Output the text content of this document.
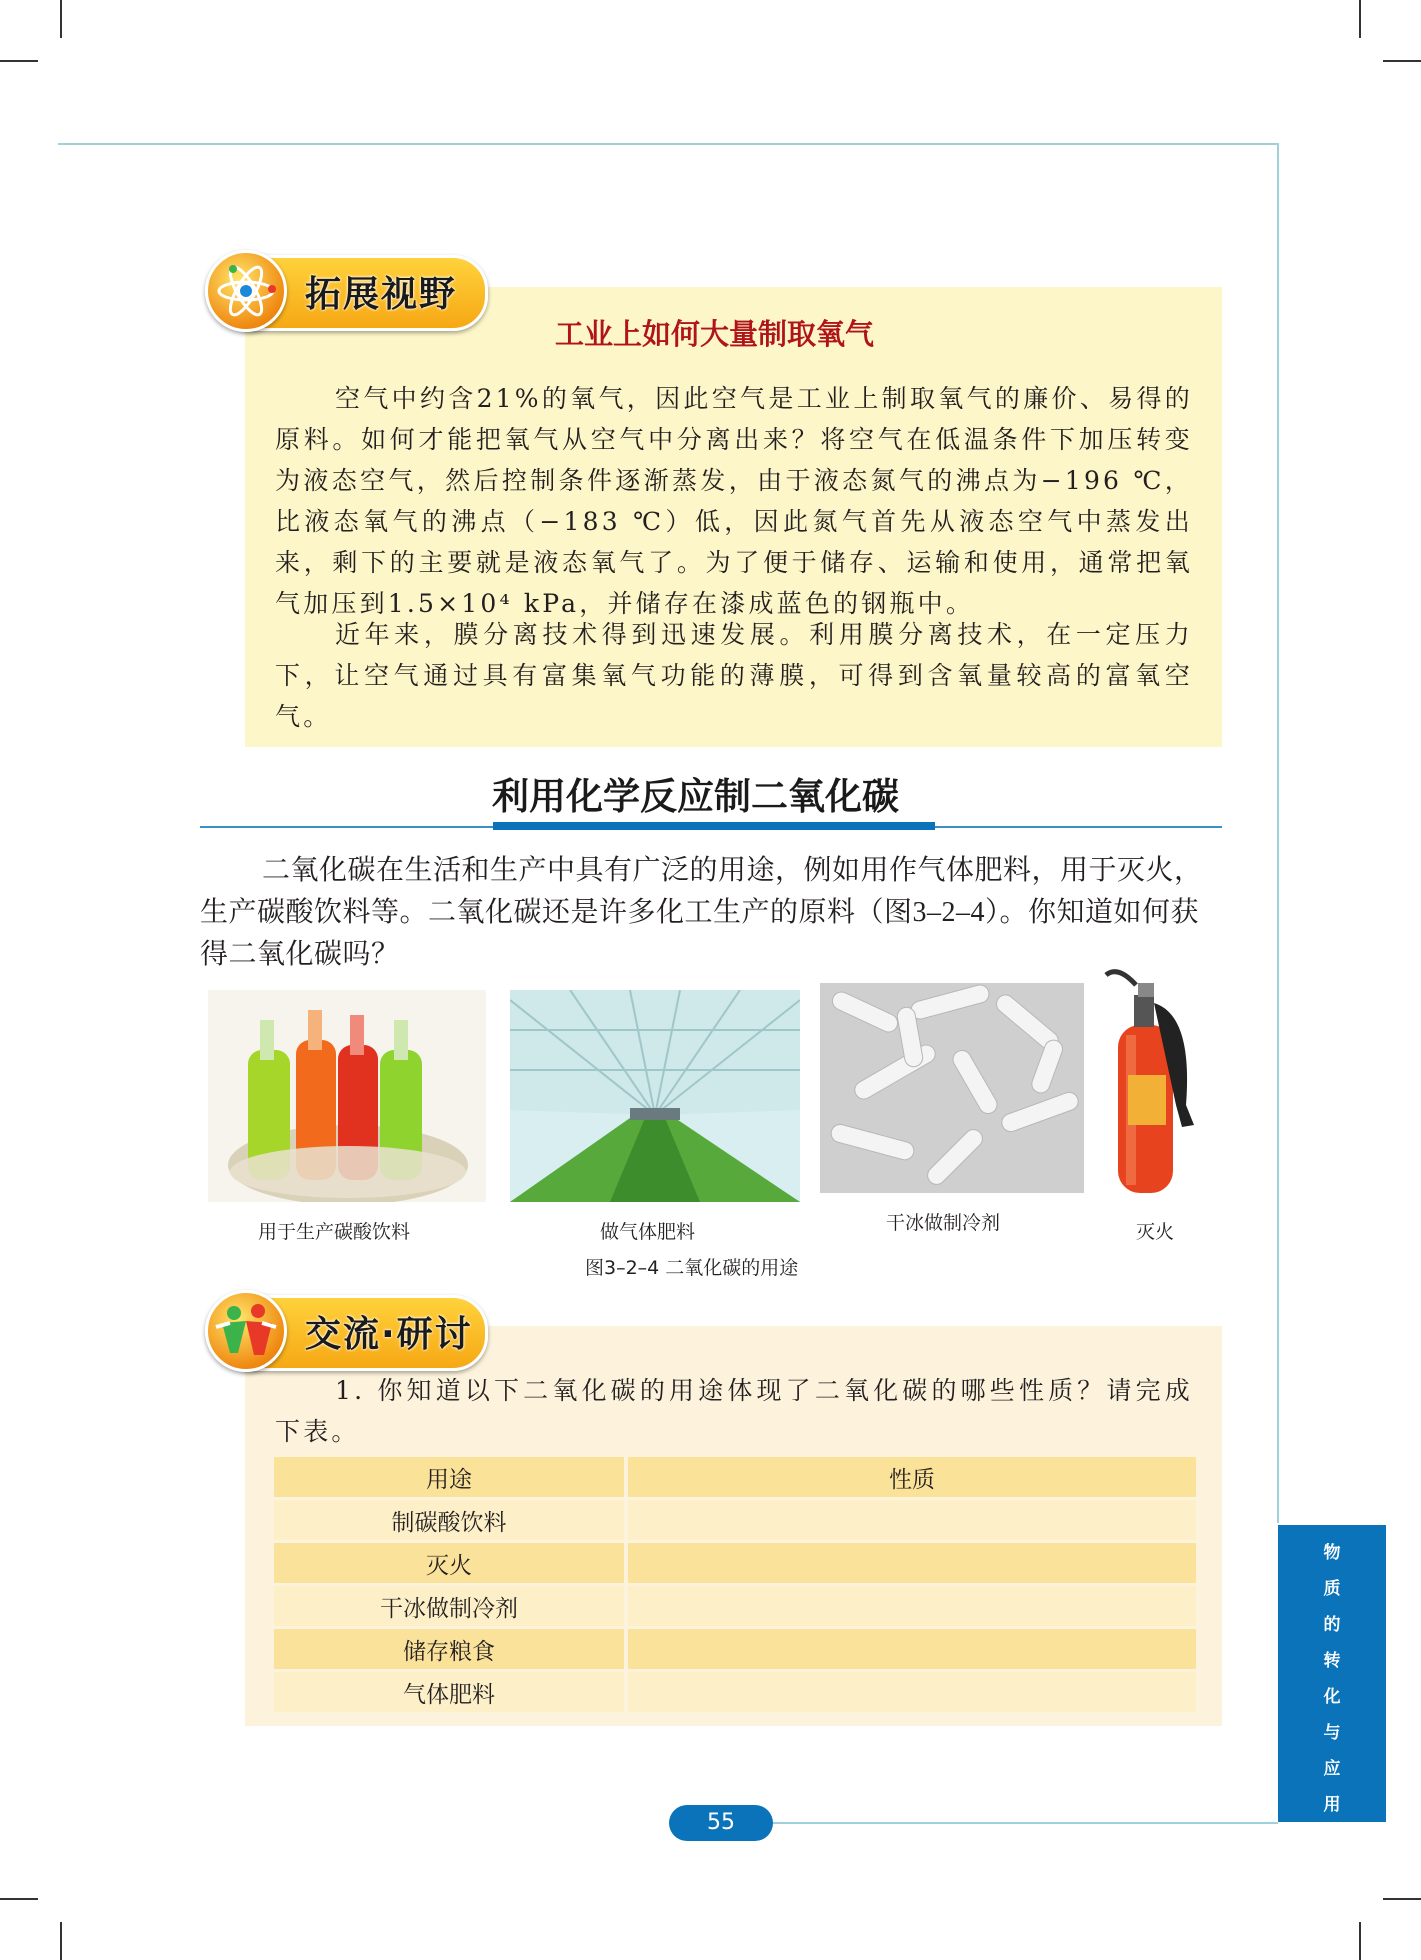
拓展视野
工业上如何大量制取氧气

空气中约含21%的氧气，因此空气是工业上制取氧气的廉价、易得的原料。如何才能把氧气从空气中分离出来？将空气在低温条件下加压转变为液态空气，然后控制条件逐渐蒸发，由于液态氮气的沸点为−196 ℃，比液态氧气的沸点（−183 ℃）低，因此氮气首先从液态空气中蒸发出来，剩下的主要就是液态氧气了。为了便于储存、运输和使用，通常把氧气加压到1.5×10⁴ kPa，并储存在漆成蓝色的钢瓶中。

近年来，膜分离技术得到迅速发展。利用膜分离技术，在一定压力下，让空气通过具有富集氧气功能的薄膜，可得到含氧量较高的富氧空气。

利用化学反应制二氧化碳

二氧化碳在生活和生产中具有广泛的用途，例如用作气体肥料，用于灭火，生产碳酸饮料等。二氧化碳还是许多化工生产的原料（图3–2–4）。你知道如何获得二氧化碳吗？

用于生产碳酸饮料	做气体肥料	干冰做制冷剂	灭火
图3–2–4 二氧化碳的用途
交流·研讨

1. 你知道以下二氧化碳的用途体现了二氧化碳的哪些性质？请完成下表。

用途	性质
制碳酸饮料	
灭火	
干冰做制冷剂	
储存粮食	
气体肥料	
物
质
的
转
化
与
应
用
55
